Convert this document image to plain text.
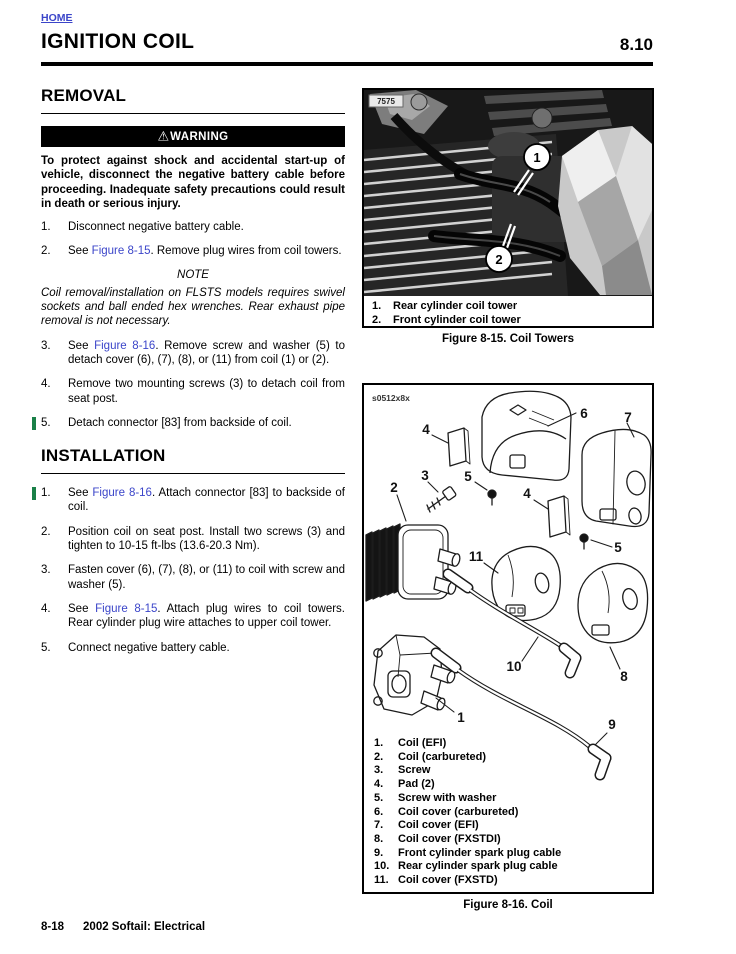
HOME
IGNITION COIL	8.10
REMOVAL
⚠ WARNING

To protect against shock and accidental start-up of vehicle, disconnect the negative battery cable before proceeding. Inadequate safety precautions could result in death or serious injury.

1. Disconnect negative battery cable.
2. See Figure 8-15. Remove plug wires from coil towers.
NOTE

Coil removal/installation on FLSTS models requires swivel sockets and ball ended hex wrenches. Rear exhaust pipe removal is not necessary.

3. See Figure 8-16. Remove screw and washer (5) to detach cover (6), (7), (8), or (11) from coil (1) or (2).
4. Remove two mounting screws (3) to detach coil from seat post.
5. Detach connector [83] from backside of coil.
INSTALLATION
1. See Figure 8-16. Attach connector [83] to backside of coil.
2. Position coil on seat post. Install two screws (3) and tighten to 10-15 ft-lbs (13.6-20.3 Nm).
3. Fasten cover (6), (7), (8), or (11) to coil with screw and washer (5).
4. See Figure 8-15. Attach plug wires to coil towers. Rear cylinder plug wire attaches to upper coil tower.
5. Connect negative battery cable.
1
2
7575
1.	Rear cylinder coil tower
2.	Front cylinder coil tower
Figure 8-15. Coil Towers
s0512x8x
6	7
4
3
2
5
4
5
11
10
8
1	9
1.	Coil (EFI)
2.	Coil (carbureted)
3.	Screw
4.	Pad (2)
5.	Screw with washer
6.	Coil cover (carbureted)
7.	Coil cover (EFI)
8.	Coil cover (FXSTDI)
9.	Front cylinder spark plug cable
10. Rear cylinder spark plug cable
11. Coil cover (FXSTD)
Figure 8-16. Coil
8-18 2002 Softail: Electrical
